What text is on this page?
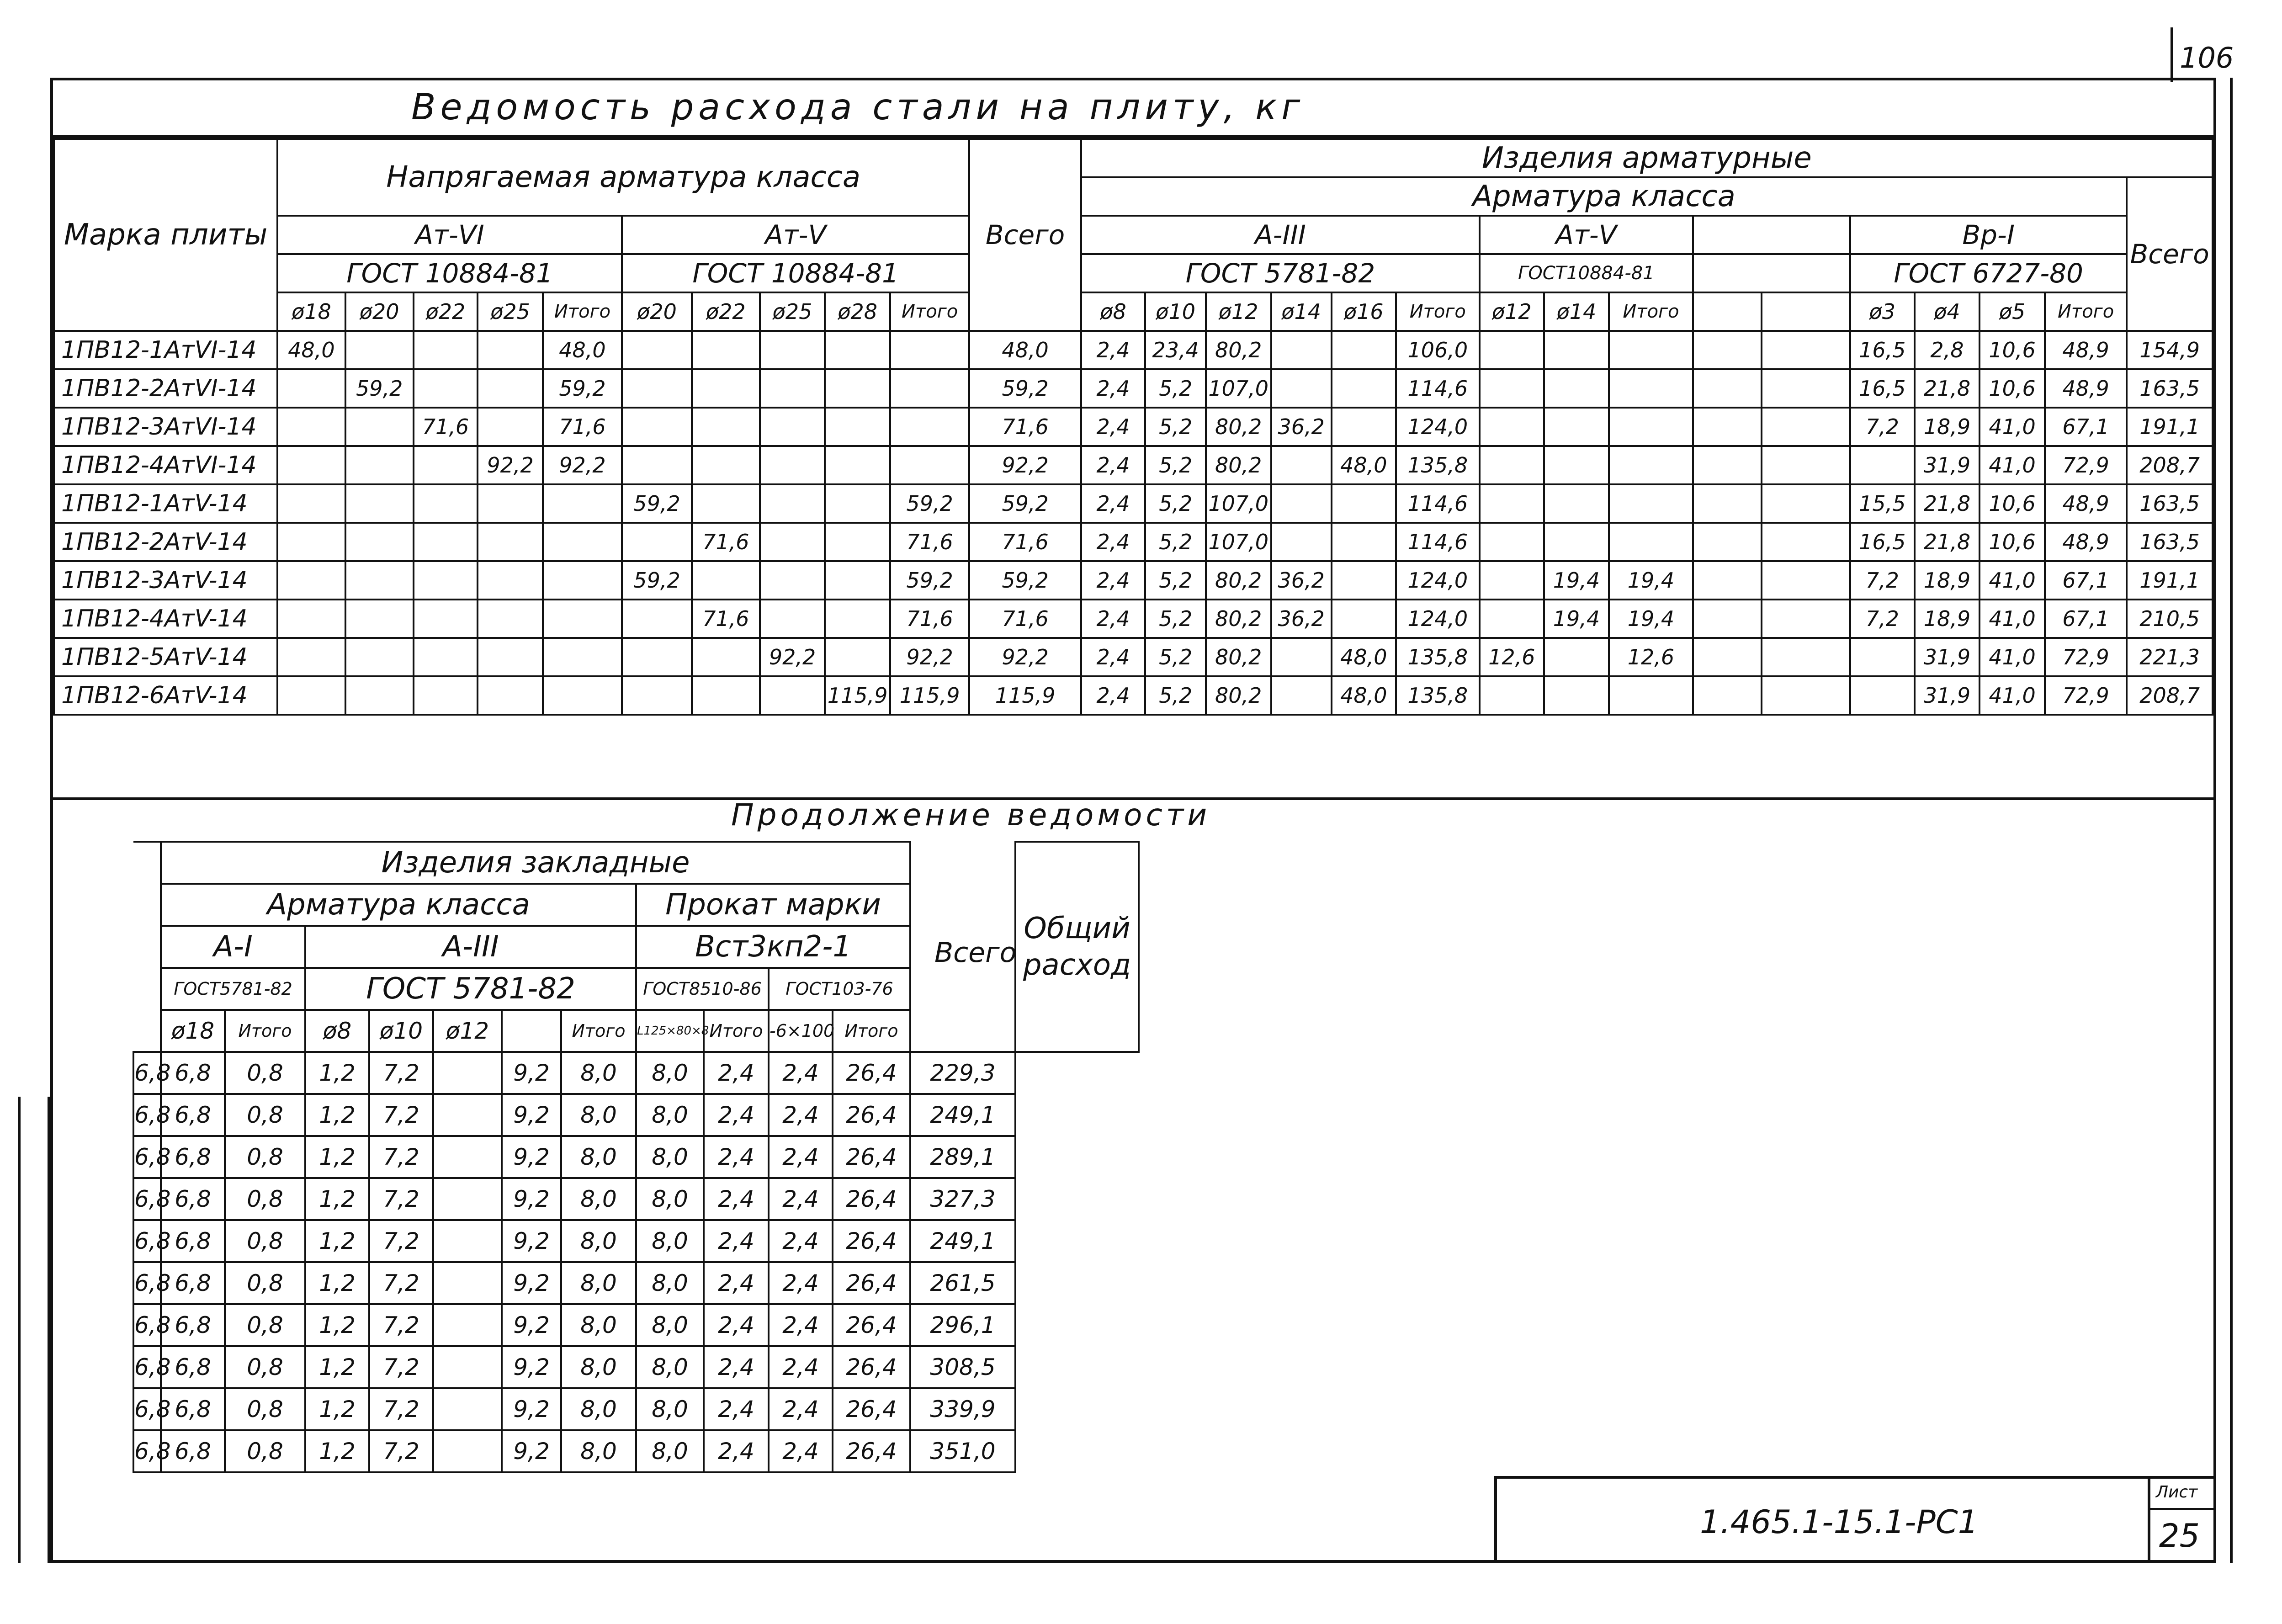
106
Ведомость расхода стали на плиту, кг
Марка плиты	Напрягаемая арматура класса										Всего	Изделия арматурные															
												Арматура класса															Всего
	Aт-VI					Aт-V						A-III						Aт-V					Вр-I				
	ГОСТ 10884-81					ГОСТ 10884-81						ГОСТ 5781-82						ГОСТ10884-81					ГОСТ 6727-80				
	ø18	ø20	ø22	ø25	Итого	ø20	ø22	ø25	ø28	Итого		ø8	ø10	ø12	ø14	ø16	Итого	ø12	ø14	Итого			ø3	ø4	ø5	Итого	
1ПВ12-1АтVI-14	48,0				48,0						48,0	2,4	23,4	80,2			106,0						16,5	2,8	10,6	48,9	154,9
1ПВ12-2АтVI-14		59,2			59,2						59,2	2,4	5,2	107,0			114,6						16,5	21,8	10,6	48,9	163,5
1ПВ12-3АтVI-14			71,6		71,6						71,6	2,4	5,2	80,2	36,2		124,0						7,2	18,9	41,0	67,1	191,1
1ПВ12-4АтVI-14				92,2	92,2						92,2	2,4	5,2	80,2		48,0	135,8							31,9	41,0	72,9	208,7
1ПВ12-1АтV-14						59,2				59,2	59,2	2,4	5,2	107,0			114,6						15,5	21,8	10,6	48,9	163,5
1ПВ12-2АтV-14							71,6			71,6	71,6	2,4	5,2	107,0			114,6						16,5	21,8	10,6	48,9	163,5
1ПВ12-3АтV-14						59,2				59,2	59,2	2,4	5,2	80,2	36,2		124,0		19,4	19,4			7,2	18,9	41,0	67,1	191,1
1ПВ12-4АтV-14							71,6			71,6	71,6	2,4	5,2	80,2	36,2		124,0		19,4	19,4			7,2	18,9	41,0	67,1	210,5
1ПВ12-5АтV-14								92,2		92,2	92,2	2,4	5,2	80,2		48,0	135,8	12,6		12,6				31,9	41,0	72,9	221,3
1ПВ12-6АтV-14									115,9	115,9	115,9	2,4	5,2	80,2		48,0	135,8							31,9	41,0	72,9	208,7
Продолжение ведомости
	Изделия закладные												Общий расход
	Арматура класса							Прокат марки					
	A-I		A-III					Вст3кп2-1					
	ГОСТ5781-82		ГОСТ 5781-82					ГОСТ8510-86		ГОСТ103-76			
	ø18	Итого	ø8	ø10	ø12		Итого	L125×80×8	Итого	-6×100	Итого		
6,8	6,8	0,8	1,2	7,2		9,2	8,0	8,0	2,4	2,4	26,4	229,3	
6,8	6,8	0,8	1,2	7,2		9,2	8,0	8,0	2,4	2,4	26,4	249,1	
6,8	6,8	0,8	1,2	7,2		9,2	8,0	8,0	2,4	2,4	26,4	289,1	
6,8	6,8	0,8	1,2	7,2		9,2	8,0	8,0	2,4	2,4	26,4	327,3	
6,8	6,8	0,8	1,2	7,2		9,2	8,0	8,0	2,4	2,4	26,4	249,1	
6,8	6,8	0,8	1,2	7,2		9,2	8,0	8,0	2,4	2,4	26,4	261,5	
6,8	6,8	0,8	1,2	7,2		9,2	8,0	8,0	2,4	2,4	26,4	296,1	
6,8	6,8	0,8	1,2	7,2		9,2	8,0	8,0	2,4	2,4	26,4	308,5	
6,8	6,8	0,8	1,2	7,2		9,2	8,0	8,0	2,4	2,4	26,4	339,9	
6,8	6,8	0,8	1,2	7,2		9,2	8,0	8,0	2,4	2,4	26,4	351,0	
Всего
1.465.1-15.1-PC1
Лист
25
